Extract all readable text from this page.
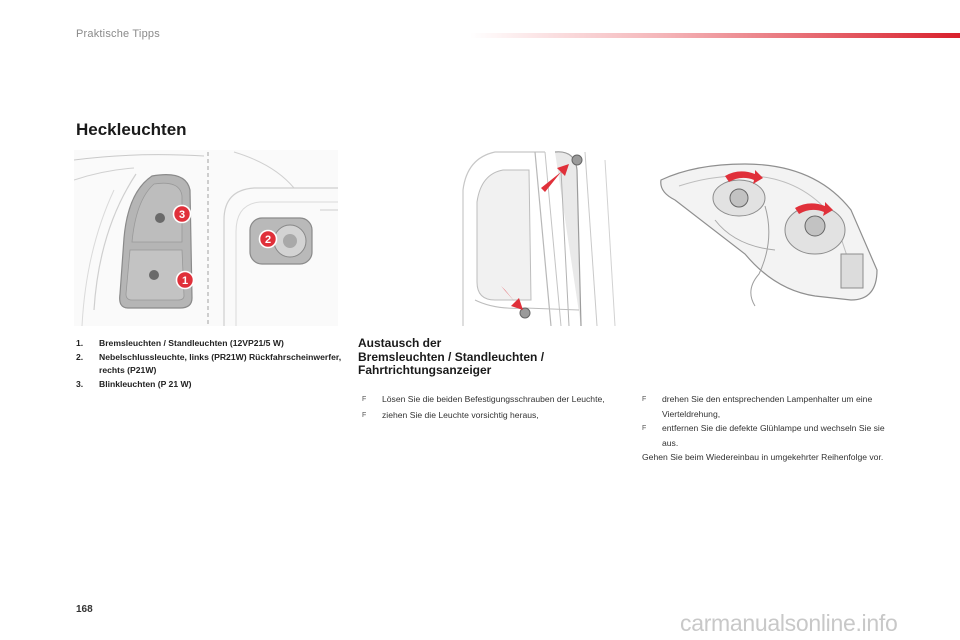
Praktische Tipps
Heckleuchten
3
2
1
1.	Bremsleuchten / Standleuchten (12VP21/5 W)
2.	Nebelschlussleuchte, links (PR21W) Rückfahrscheinwerfer, rechts (P21W)
3.	Blinkleuchten (P 21 W)
Austausch der
Bremsleuchten / Standleuchten /
Fahrtrichtungsanzeiger
F	Lösen Sie die beiden Befestigungsschrauben der Leuchte,
F	ziehen Sie die Leuchte vorsichtig heraus,
F	drehen Sie den entsprechenden Lampenhalter um eine Vierteldrehung,
F	entfernen Sie die defekte Glühlampe und wechseln Sie sie aus.
Gehen Sie beim Wiedereinbau in umgekehrter Reihenfolge vor.
168
carmanualsonline.info
